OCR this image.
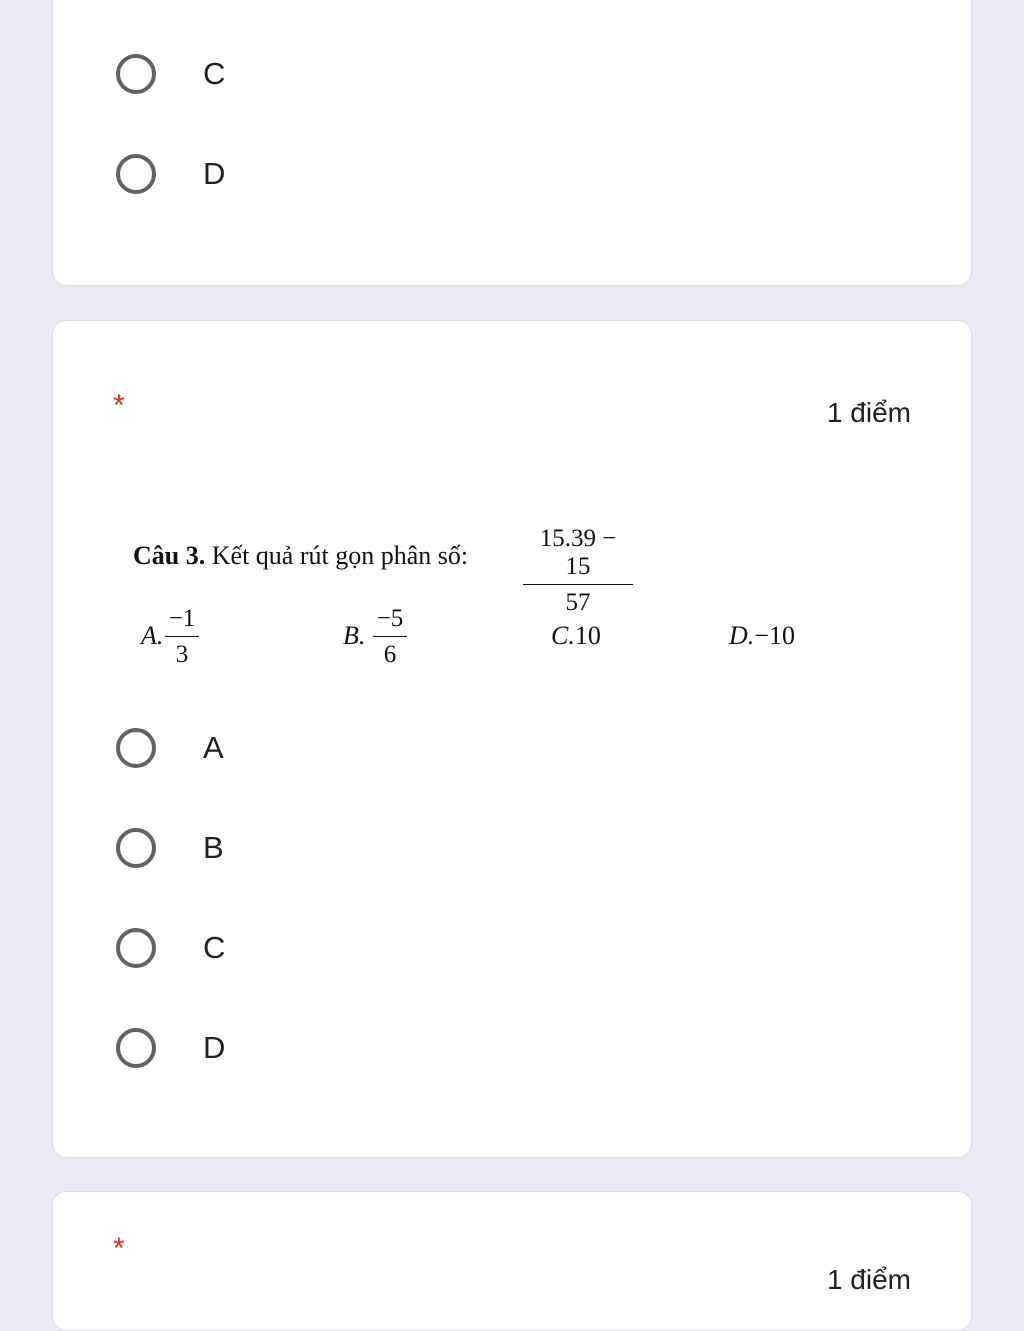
C
D
*	1 điểm
Câu 3. Kết quả rút gọn phân số: $\frac{15.39 - 15}{57}$
A. $\frac{-1}{3}$	B. $\frac{-5}{6}$	C.10	D.−10
A
B
C
D
*
1 điểm
